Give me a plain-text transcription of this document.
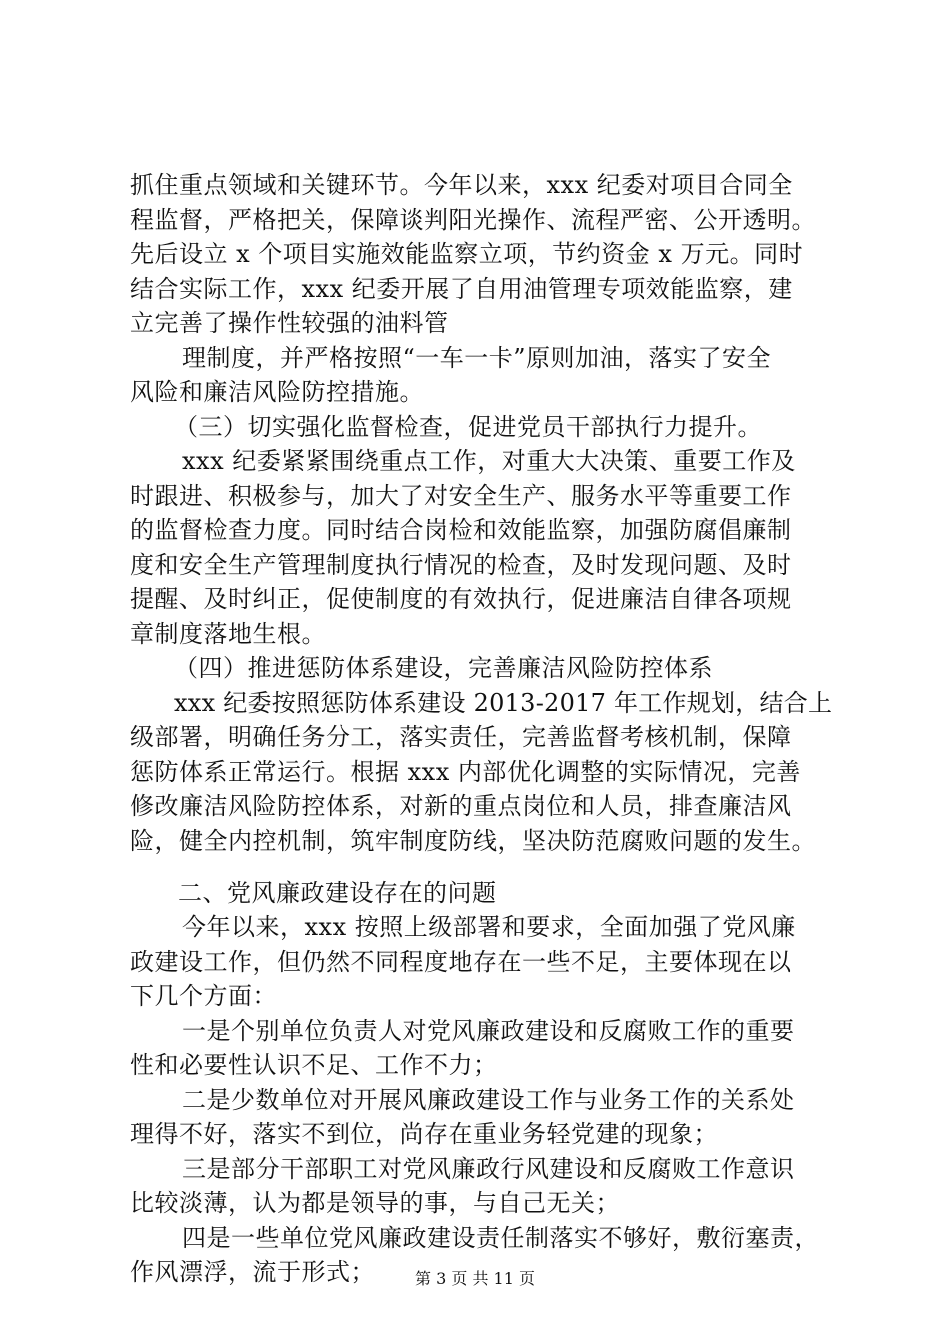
抓住重点领域和关键环节。今年以来，xxx 纪委对项目合同全
程监督，严格把关，保障谈判阳光操作、流程严密、公开透明。
先后设立 x 个项目实施效能监察立项，节约资金 x 万元。同时
结合实际工作，xxx 纪委开展了自用油管理专项效能监察，建
立完善了操作性较强的油料管
理制度，并严格按照“一车一卡”原则加油，落实了安全
风险和廉洁风险防控措施。
（三）切实强化监督检查，促进党员干部执行力提升。
xxx 纪委紧紧围绕重点工作，对重大大决策、重要工作及
时跟进、积极参与，加大了对安全生产、服务水平等重要工作
的监督检查力度。同时结合岗检和效能监察，加强防腐倡廉制
度和安全生产管理制度执行情况的检查，及时发现问题、及时
提醒、及时纠正，促使制度的有效执行，促进廉洁自律各项规
章制度落地生根。
（四）推进惩防体系建设，完善廉洁风险防控体系
xxx 纪委按照惩防体系建设 2013-2017 年工作规划，结合上
级部署，明确任务分工，落实责任，完善监督考核机制，保障
惩防体系正常运行。根据 xxx 内部优化调整的实际情况，完善
修改廉洁风险防控体系，对新的重点岗位和人员，排查廉洁风
险，健全内控机制，筑牢制度防线，坚决防范腐败问题的发生。
二、党风廉政建设存在的问题
今年以来，xxx 按照上级部署和要求，全面加强了党风廉
政建设工作，但仍然不同程度地存在一些不足，主要体现在以
下几个方面：
一是个别单位负责人对党风廉政建设和反腐败工作的重要
性和必要性认识不足、工作不力；
二是少数单位对开展风廉政建设工作与业务工作的关系处
理得不好，落实不到位，尚存在重业务轻党建的现象；
三是部分干部职工对党风廉政行风建设和反腐败工作意识
比较淡薄，认为都是领导的事，与自己无关；
四是一些单位党风廉政建设责任制落实不够好，敷衍塞责，
作风漂浮，流于形式；	第 3 页 共 11 页
